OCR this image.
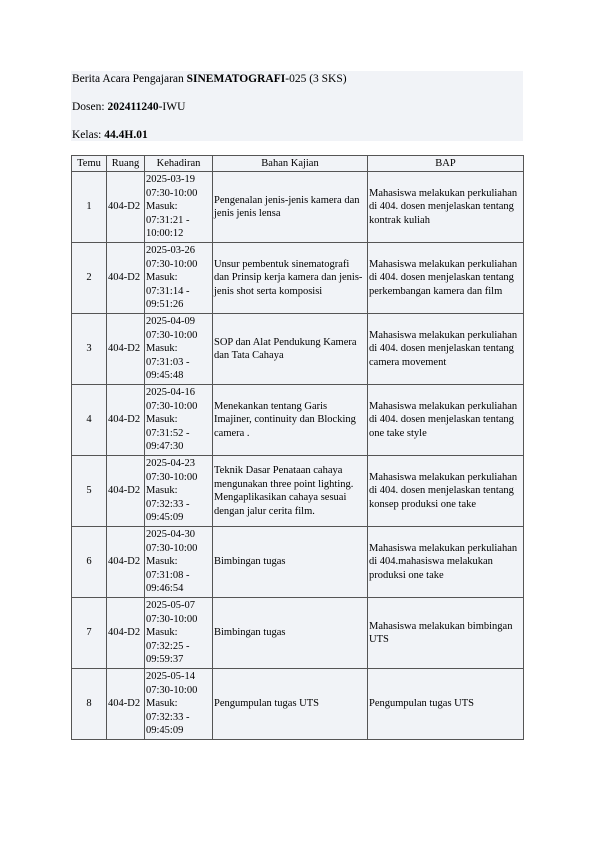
Berita Acara Pengajaran SINEMATOGRAFI-025 (3 SKS)
Dosen: 202411240-IWU
Kelas: 44.4H.01
Temu	Ruang	Kehadiran	Bahan Kajian	BAP
1	404-D2	2025-03-19
07:30-10:00
Masuk:
07:31:21 -
10:00:12	Pengenalan jenis-jenis kamera dan jenis jenis lensa	Mahasiswa melakukan perkuliahan di 404. dosen menjelaskan tentang kontrak kuliah
2	404-D2	2025-03-26
07:30-10:00
Masuk:
07:31:14 -
09:51:26	Unsur pembentuk sinematografi dan Prinsip kerja kamera dan jenis-jenis shot serta komposisi	Mahasiswa melakukan perkuliahan di 404. dosen menjelaskan tentang perkembangan kamera dan film
3	404-D2	2025-04-09
07:30-10:00
Masuk:
07:31:03 -
09:45:48	SOP dan Alat Pendukung Kamera dan Tata Cahaya	Mahasiswa melakukan perkuliahan di 404. dosen menjelaskan tentang camera movement
4	404-D2	2025-04-16
07:30-10:00
Masuk:
07:31:52 -
09:47:30	Menekankan tentang Garis Imajiner, continuity dan Blocking camera .	Mahasiswa melakukan perkuliahan di 404. dosen menjelaskan tentang one take style
5	404-D2	2025-04-23
07:30-10:00
Masuk:
07:32:33 -
09:45:09	Teknik Dasar Penataan cahaya mengunakan three point lighting. Mengaplikasikan cahaya sesuai dengan jalur cerita film.	Mahasiswa melakukan perkuliahan di 404. dosen menjelaskan tentang konsep produksi one take
6	404-D2	2025-04-30
07:30-10:00
Masuk:
07:31:08 -
09:46:54	Bimbingan tugas	Mahasiswa melakukan perkuliahan di 404.mahasiswa melakukan produksi one take
7	404-D2	2025-05-07
07:30-10:00
Masuk:
07:32:25 -
09:59:37	Bimbingan tugas	Mahasiswa melakukan bimbingan UTS
8	404-D2	2025-05-14
07:30-10:00
Masuk:
07:32:33 -
09:45:09	Pengumpulan tugas UTS	Pengumpulan tugas UTS
